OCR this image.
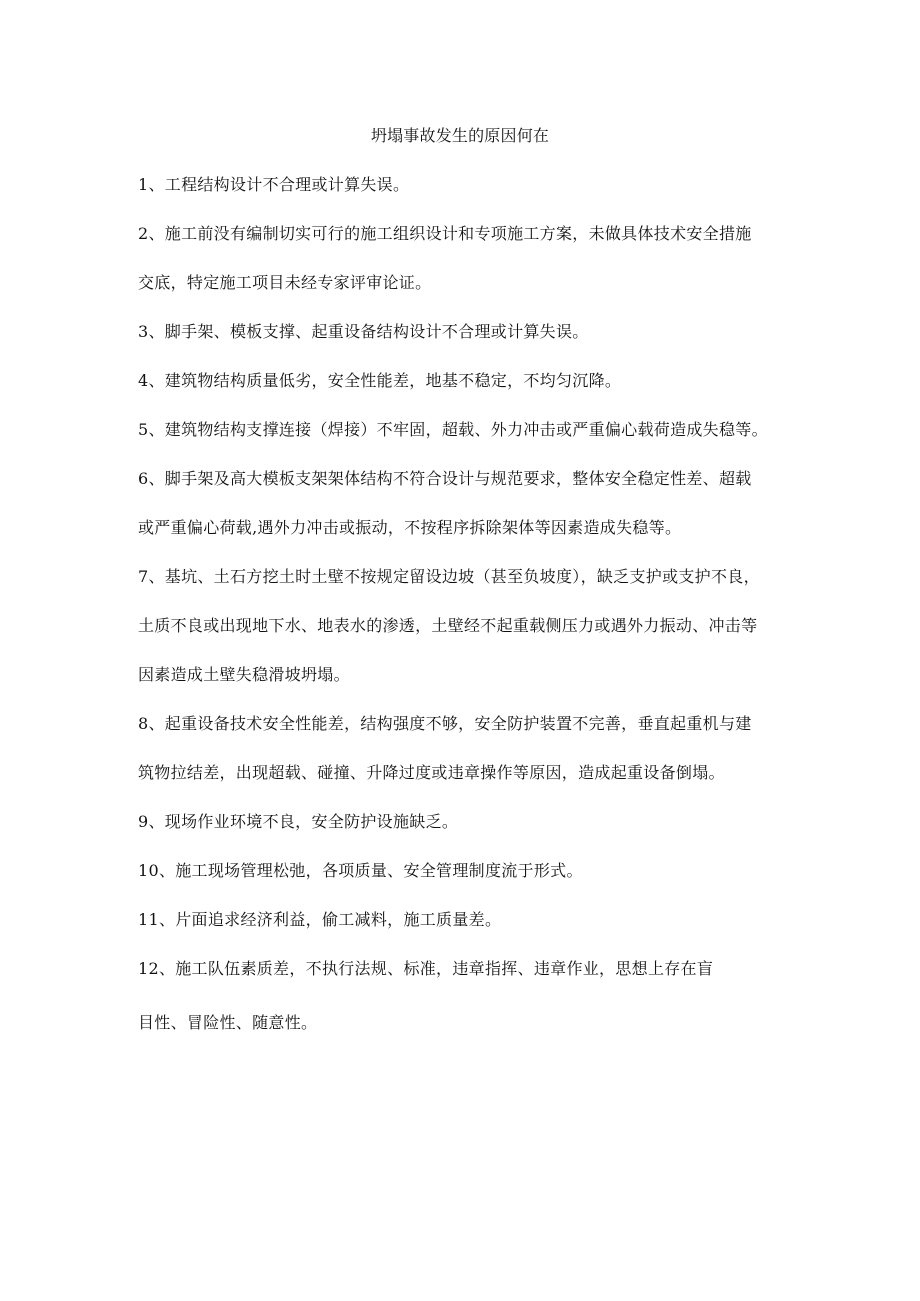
坍塌事故发生的原因何在
1、工程结构设计不合理或计算失误。
2、施工前没有编制切实可行的施工组织设计和专项施工方案，未做具体技术安全措施
交底，特定施工项目未经专家评审论证。
3、脚手架、模板支撑、起重设备结构设计不合理或计算失误。
4、建筑物结构质量低劣，安全性能差，地基不稳定，不均匀沉降。
5、建筑物结构支撑连接（焊接）不牢固，超载、外力冲击或严重偏心载荷造成失稳等。
6、脚手架及高大模板支架架体结构不符合设计与规范要求，整体安全稳定性差、超载
或严重偏心荷载,遇外力冲击或振动，不按程序拆除架体等因素造成失稳等。
7、基坑、土石方挖土时土壁不按规定留设边坡（甚至负坡度），缺乏支护或支护不良，
土质不良或出现地下水、地表水的渗透，土壁经不起重载侧压力或遇外力振动、冲击等
因素造成土壁失稳滑坡坍塌。
8、起重设备技术安全性能差，结构强度不够，安全防护装置不完善，垂直起重机与建
筑物拉结差，出现超载、碰撞、升降过度或违章操作等原因，造成起重设备倒塌。
9、现场作业环境不良，安全防护设施缺乏。
10、施工现场管理松弛，各项质量、安全管理制度流于形式。
11、片面追求经济利益，偷工减料，施工质量差。
12、施工队伍素质差，不执行法规、标准，违章指挥、违章作业，思想上存在盲
目性、冒险性、随意性。
